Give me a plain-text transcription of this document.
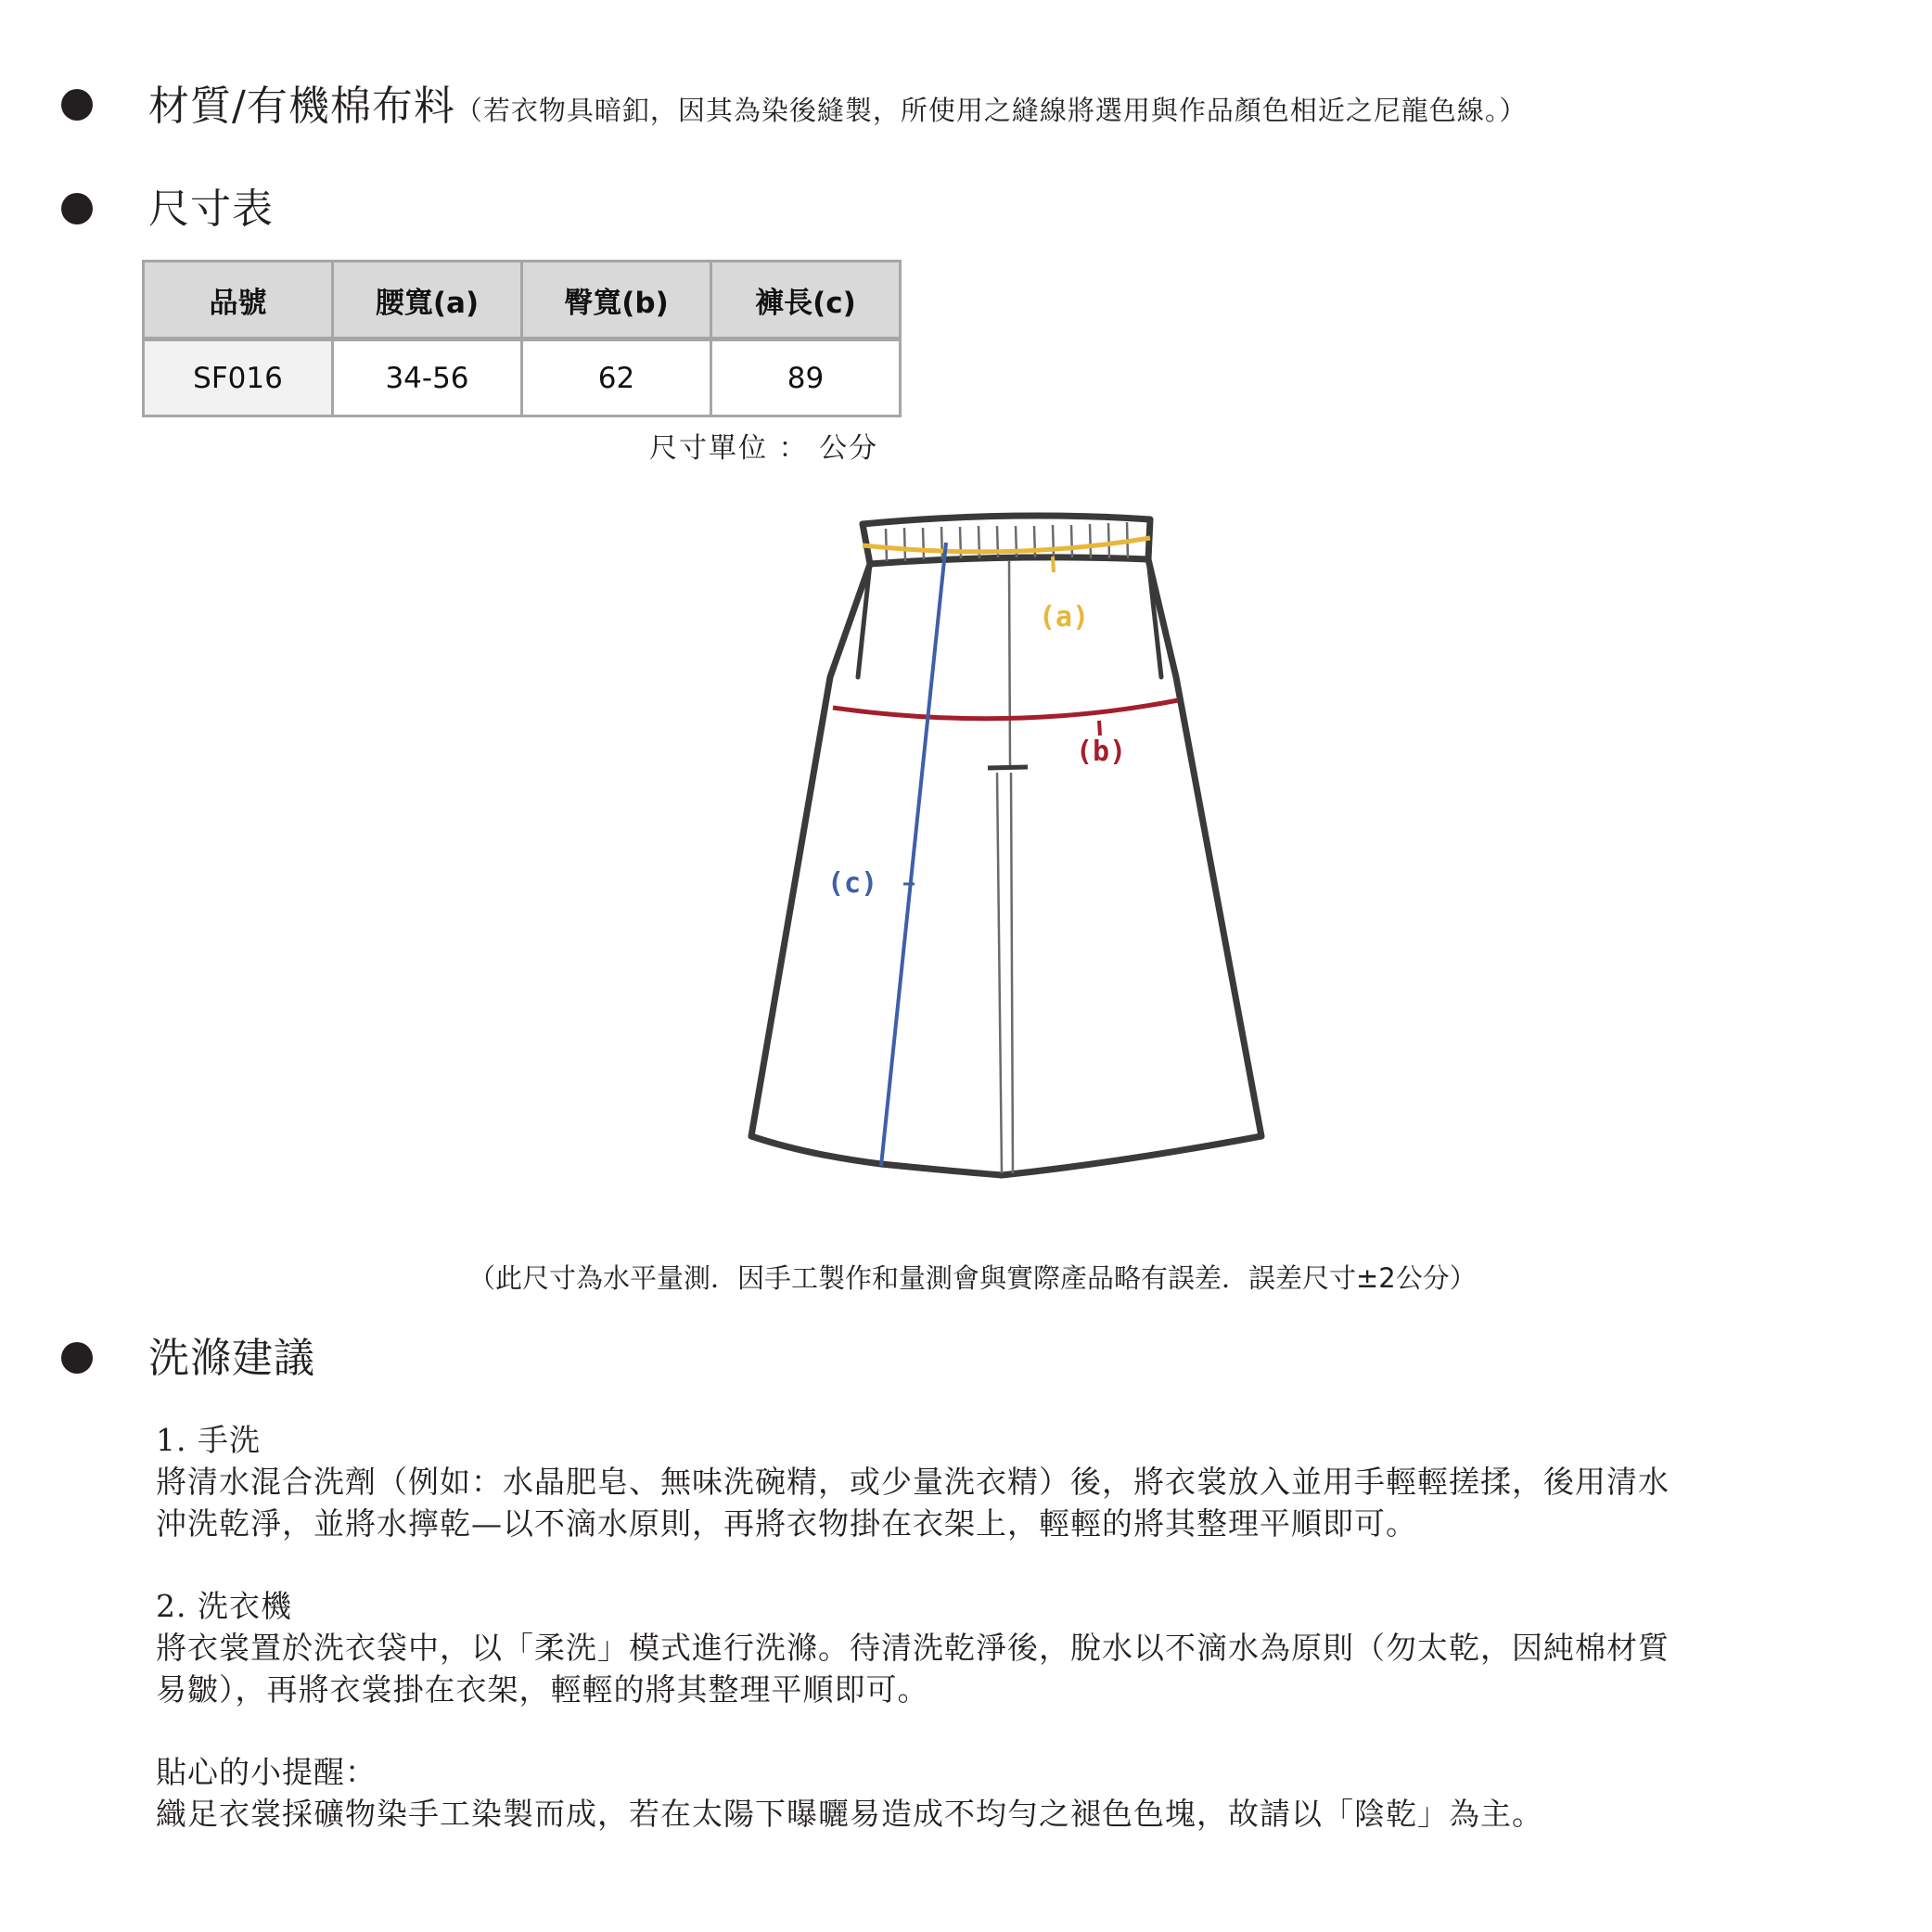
材質/有機棉布料（若衣物具暗釦，因其為染後縫製，所使用之縫線將選用與作品顏色相近之尼龍色線。）
尺寸表
品號	腰寬(a)	臀寬(b)	褲長(c)
SF016	34-56	62	89
尺寸單位 ： 公分
(a)
(b)
(c)
（此尺寸為水平量測．因手工製作和量測會與實際產品略有誤差．誤差尺寸±2公分）
洗滌建議
1. 手洗
將清水混合洗劑（例如：水晶肥皂、無味洗碗精，或少量洗衣精）後，將衣裳放入並用手輕輕搓揉，後用清水
沖洗乾淨，並將水擰乾—以不滴水原則，再將衣物掛在衣架上，輕輕的將其整理平順即可。
2. 洗衣機
將衣裳置於洗衣袋中，以「柔洗」模式進行洗滌。待清洗乾淨後，脫水以不滴水為原則（勿太乾，因純棉材質
易皺），再將衣裳掛在衣架，輕輕的將其整理平順即可。
貼心的小提醒：
織足衣裳採礦物染手工染製而成，若在太陽下曝曬易造成不均勻之褪色色塊，故請以「陰乾」為主。
